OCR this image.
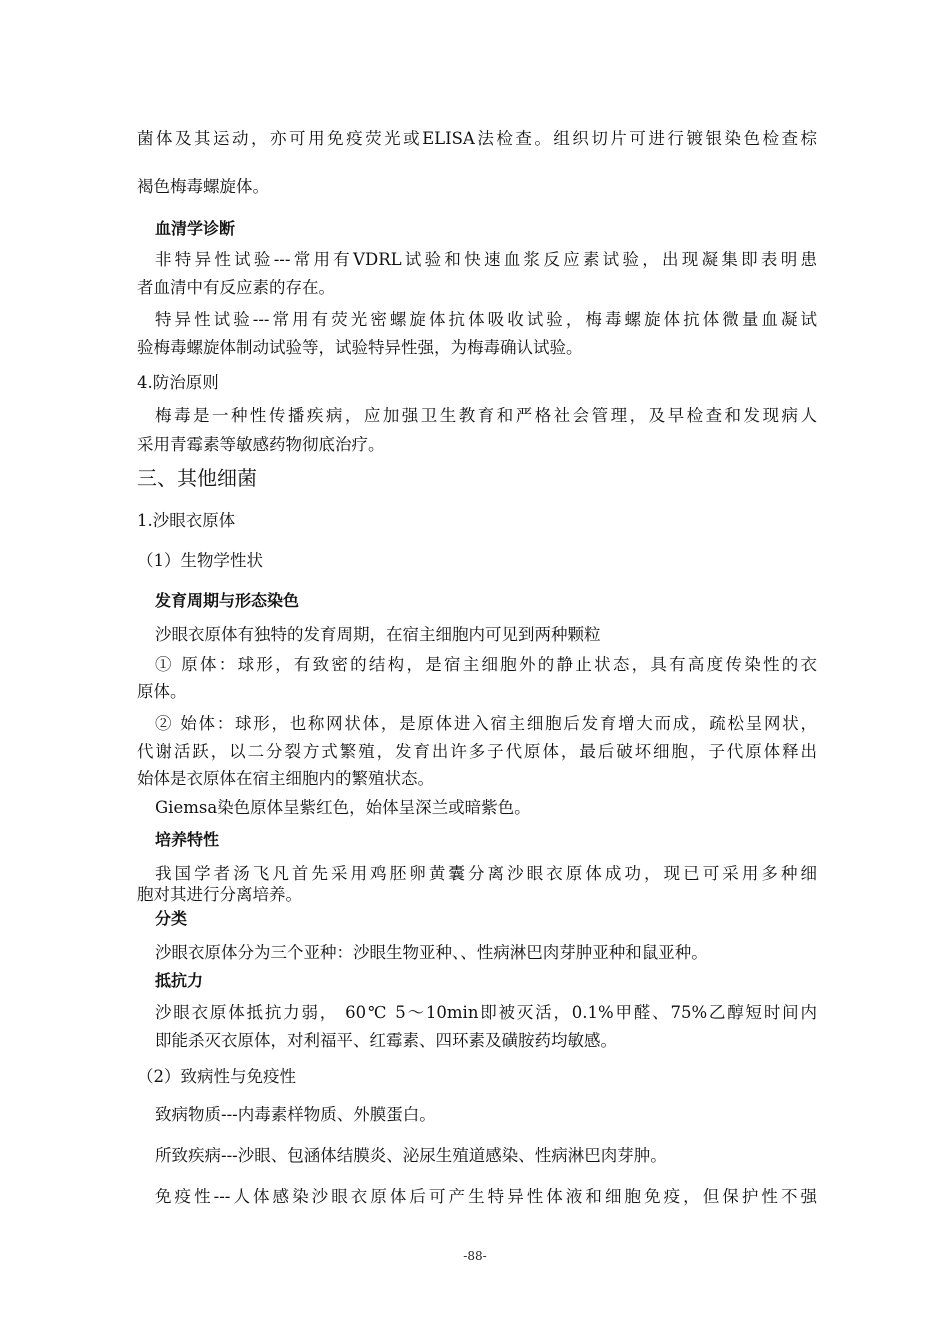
菌体及其运动，亦可用免疫荧光或ELISA法检查。组织切片可进行镀银染色检查棕

褐色梅毒螺旋体。

血清学诊断

非特异性试验---常用有VDRL试验和快速血浆反应素试验，出现凝集即表明患

者血清中有反应素的存在。

特异性试验---常用有荧光密螺旋体抗体吸收试验，梅毒螺旋体抗体微量血凝试

验梅毒螺旋体制动试验等，试验特异性强，为梅毒确认试验。

4.防治原则

梅毒是一种性传播疾病，应加强卫生教育和严格社会管理，及早检查和发现病人

采用青霉素等敏感药物彻底治疗。

三、其他细菌

1.沙眼衣原体

（1）生物学性状

发育周期与形态染色

沙眼衣原体有独特的发育周期，在宿主细胞内可见到两种颗粒

① 原体：球形，有致密的结构，是宿主细胞外的静止状态，具有高度传染性的衣

原体。

② 始体：球形，也称网状体，是原体进入宿主细胞后发育增大而成，疏松呈网状，

代谢活跃，以二分裂方式繁殖，发育出许多子代原体，最后破坏细胞，子代原体释出

始体是衣原体在宿主细胞内的繁殖状态。

Giemsa染色原体呈紫红色，始体呈深兰或暗紫色。

培养特性

我国学者汤飞凡首先采用鸡胚卵黄囊分离沙眼衣原体成功，现已可采用多种细

胞对其进行分离培养。

分类

沙眼衣原体分为三个亚种：沙眼生物亚种、、性病淋巴肉芽肿亚种和鼠亚种。

抵抗力

沙眼衣原体抵抗力弱， 60℃ 5～10min即被灭活，0.1%甲醛、75%乙醇短时间内

即能杀灭衣原体，对利福平、红霉素、四环素及磺胺药均敏感。

（2）致病性与免疫性

致病物质---内毒素样物质、外膜蛋白。

所致疾病---沙眼、包涵体结膜炎、泌尿生殖道感染、性病淋巴肉芽肿。

免疫性---人体感染沙眼衣原体后可产生特异性体液和细胞免疫，但保护性不强

-88-
